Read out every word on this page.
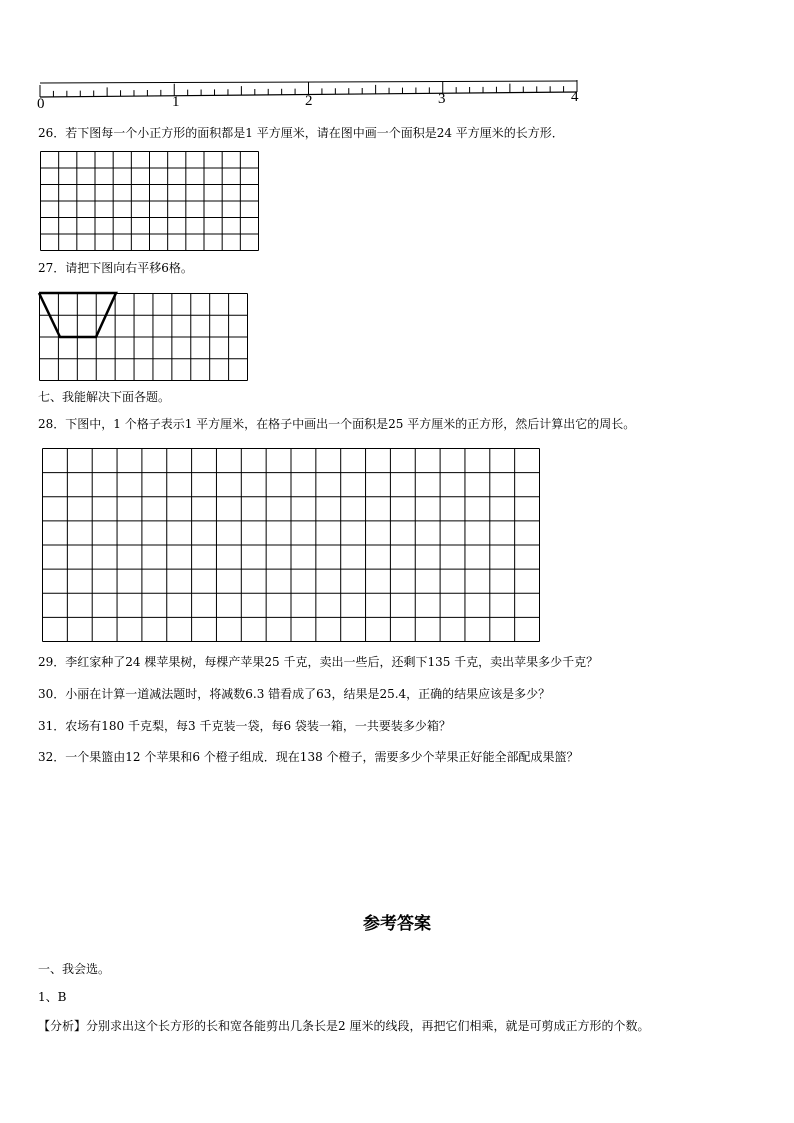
0	1	2	3	4
26．若下图每一个小正方形的面积都是1 平方厘米，请在图中画一个面积是24 平方厘米的长方形．
27．请把下图向右平移6格。
七、我能解决下面各题。
28．下图中，1 个格子表示1 平方厘米，在格子中画出一个面积是25 平方厘米的正方形，然后计算出它的周长。
29．李红家种了24 棵苹果树，每棵产苹果25 千克，卖出一些后，还剩下135 千克，卖出苹果多少千克？
30．小丽在计算一道减法题时，将减数6.3 错看成了63，结果是25.4，正确的结果应该是多少？
31．农场有180 千克梨，每3 千克装一袋，每6 袋装一箱，一共要装多少箱？
32．一个果篮由12 个苹果和6 个橙子组成．现在138 个橙子，需要多少个苹果正好能全部配成果篮？
参考答案
一、我会选。
1、B
【分析】分别求出这个长方形的长和宽各能剪出几条长是2 厘米的线段，再把它们相乘，就是可剪成正方形的个数。
